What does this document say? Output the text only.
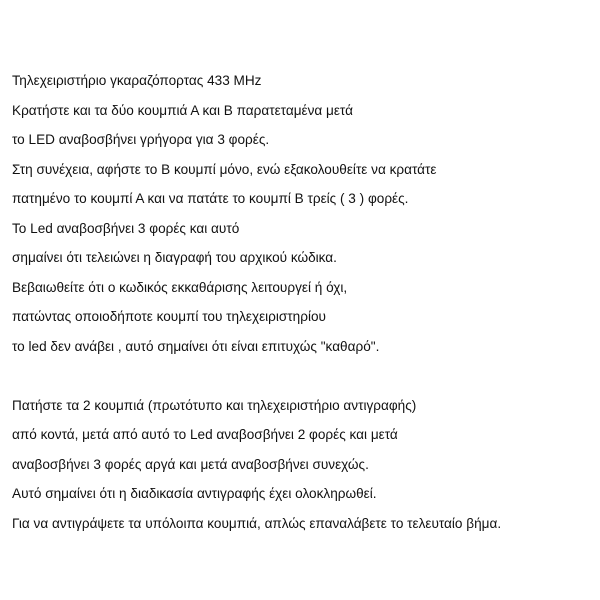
Τηλεχειριστήριο γκαραζόπορτας 433 MHz
Κρατήστε και τα δύο κουμπιά Α και Β παρατεταμένα μετά
το LED αναβοσβήνει γρήγορα για 3 φορές.
Στη συνέχεια, αφήστε το B κουμπί μόνο, ενώ εξακολουθείτε να κρατάτε
πατημένο το κουμπί Α και να πατάτε το κουμπί B τρείς ( 3 ) φορές.
Το Led αναβοσβήνει 3 φορές και αυτό
σημαίνει ότι τελειώνει η διαγραφή του αρχικού κώδικα.
Βεβαιωθείτε ότι ο κωδικός εκκαθάρισης λειτουργεί ή όχι,
πατώντας οποιοδήποτε κουμπί του τηλεχειριστηρίου
το led δεν ανάβει , αυτό σημαίνει ότι είναι επιτυχώς "καθαρό".
Πατήστε τα 2 κουμπιά (πρωτότυπο και τηλεχειριστήριο αντιγραφής)
από κοντά, μετά από αυτό το Led αναβοσβήνει 2 φορές και μετά
αναβοσβήνει 3 φορές αργά και μετά αναβοσβήνει συνεχώς.
Αυτό σημαίνει ότι η διαδικασία αντιγραφής έχει ολοκληρωθεί.
Για να αντιγράψετε τα υπόλοιπα κουμπιά, απλώς επαναλάβετε το τελευταίο βήμα.
